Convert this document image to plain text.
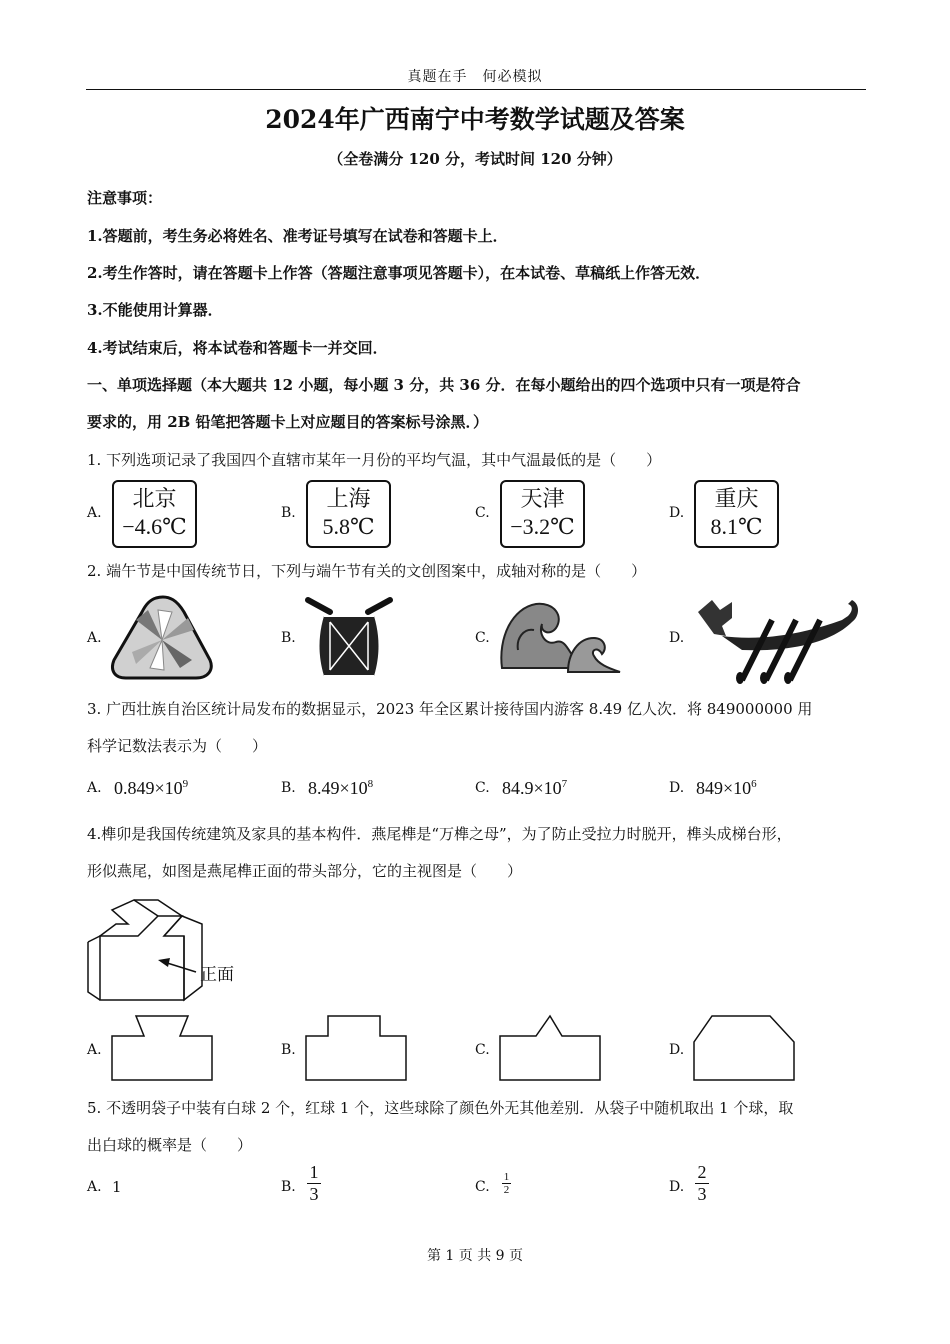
真题在手　何必模拟
2024年广西南宁中考数学试题及答案
（全卷满分 120 分，考试时间 120 分钟）
注意事项：
1.答题前，考生务必将姓名、准考证号填写在试卷和答题卡上．
2.考生作答时，请在答题卡上作答（答题注意事项见答题卡），在本试卷、草稿纸上作答无效．
3.不能使用计算器．
4.考试结束后，将本试卷和答题卡一并交回．
一、单项选择题（本大题共 12 小题，每小题 3 分，共 36 分．在每小题给出的四个选项中只有一项是符合
要求的，用 2B 铅笔把答题卡上对应题目的答案标号涂黑．）
1. 下列选项记录了我国四个直辖市某年一月份的平均气温，其中气温最低的是（　　）
A.
北京
−4.6℃
B.
上海
5.8℃
C.
天津
−3.2℃
D.
重庆
8.1℃
2. 端午节是中国传统节日，下列与端午节有关的文创图案中，成轴对称的是（　　）
A.	B.	C.	D.
3. 广西壮族自治区统计局发布的数据显示，2023 年全区累计接待国内游客 8.49 亿人次．将 849000000 用
科学记数法表示为（　　）
A. $0.849\times 10^9$	B. $8.49\times 10^8$	C. $84.9\times 10^7$	D. $849\times 10^6$
4.榫卯是我国传统建筑及家具的基本构件．燕尾榫是“万榫之母”，为了防止受拉力时脱开，榫头成梯台形，
形似燕尾，如图是燕尾榫正面的带头部分，它的主视图是（　　）
正面
A.	B.	C.	D.
5. 不透明袋子中装有白球 2 个，红球 1 个，这些球除了颜色外无其他差别．从袋子中随机取出 1 个球，取
出白球的概率是（　　）
A. 1	B.
1
3	C.
1
2	D.
2
3
第 1 页 共 9 页
